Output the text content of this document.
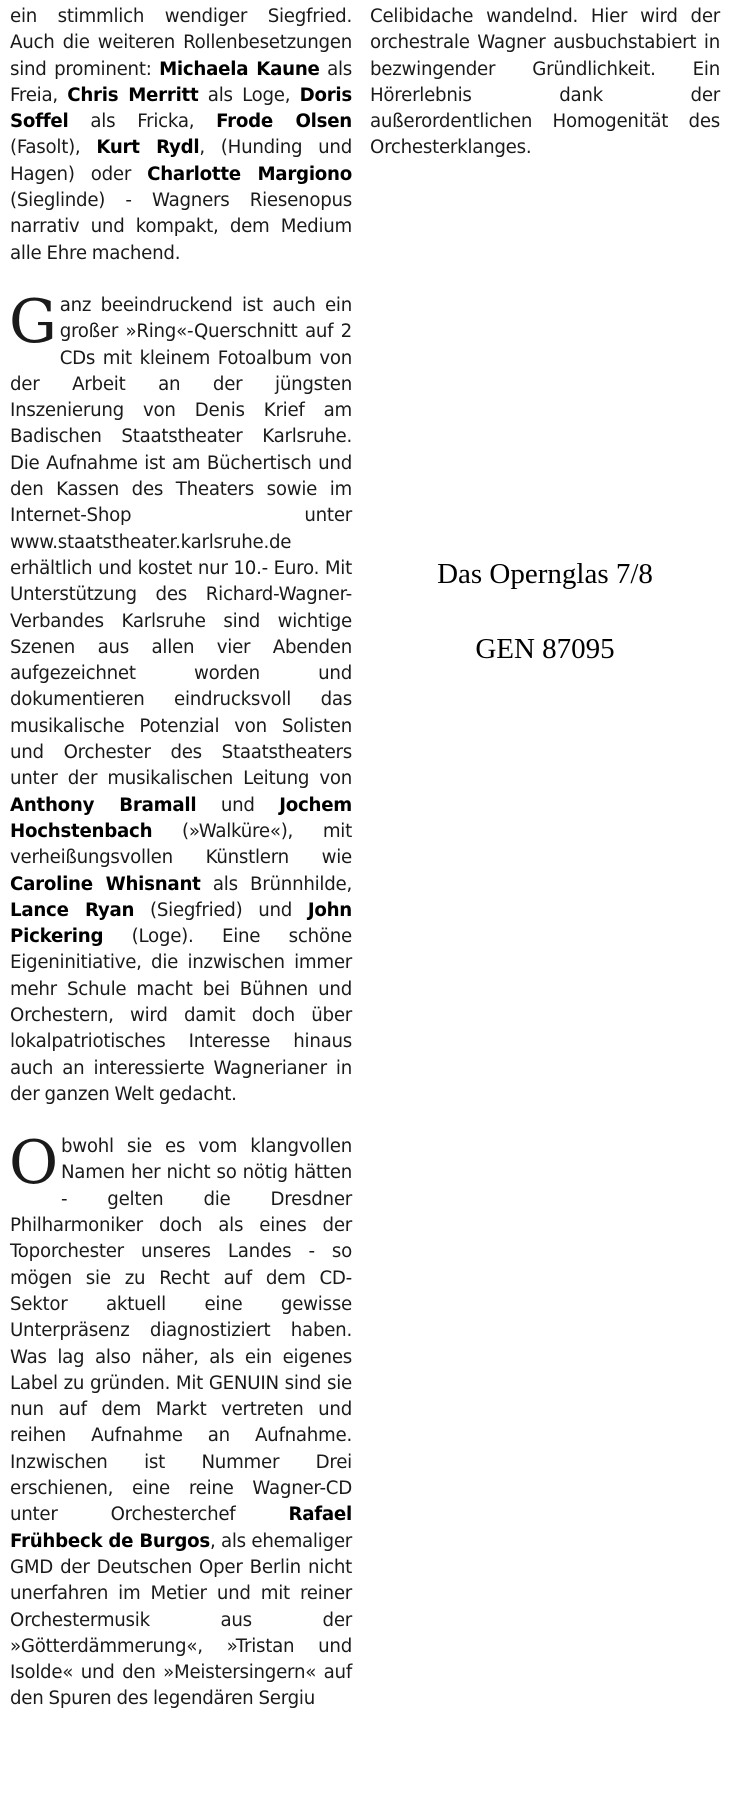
ein stimmlich wendiger Siegfried. Auch die weiteren Rollenbesetzungen sind prominent: Michaela Kaune als Freia, Chris Merritt als Loge, Doris Soffel als Fricka, Frode Olsen (Fasolt), Kurt Rydl, (Hunding und Hagen) oder Charlotte Margiono (Sieglinde) - Wagners Riesenopus narrativ und kompakt, dem Medium alle Ehre machend.

G anz beeindruckend ist auch ein großer »Ring«-Querschnitt auf 2 CDs mit kleinem Fotoalbum von der Arbeit an der jüngsten Inszenierung von Denis Krief am Badischen Staatstheater Karlsruhe. Die Aufnahme ist am Büchertisch und den Kassen des Theaters sowie im Internet-Shop unter www.staatstheater.karlsruhe.de erhältlich und kostet nur 10.- Euro. Mit Unterstützung des Richard-Wagner-Verbandes Karlsruhe sind wichtige Szenen aus allen vier Abenden aufgezeichnet worden und dokumentieren eindrucksvoll das musikalische Potenzial von Solisten und Orchester des Staatstheaters unter der musikalischen Leitung von Anthony Bramall und Jochem Hochstenbach (»Walküre«), mit verheißungsvollen Künstlern wie Caroline Whisnant als Brünnhilde, Lance Ryan (Siegfried) und John Pickering (Loge). Eine schöne Eigeninitiative, die inzwischen immer mehr Schule macht bei Bühnen und Orchestern, wird damit doch über lokalpatriotisches Interesse hinaus auch an interessierte Wagnerianer in der ganzen Welt gedacht.

O bwohl sie es vom klangvollen Namen her nicht so nötig hätten - gelten die Dresdner Philharmoniker doch als eines der Toporchester unseres Landes - so mögen sie zu Recht auf dem CD-Sektor aktuell eine gewisse Unterpräsenz diagnostiziert haben. Was lag also näher, als ein eigenes Label zu gründen. Mit GENUIN sind sie nun auf dem Markt vertreten und reihen Aufnahme an Aufnahme. Inzwischen ist Nummer Drei erschienen, eine reine Wagner-CD unter Orchesterchef Rafael Frühbeck de Burgos, als ehemaliger GMD der Deutschen Oper Berlin nicht unerfahren im Metier und mit reiner Orchestermusik aus der »Götterdämmerung«, »Tristan und Isolde« und den »Meistersingern« auf den Spuren des legendären Sergiu

Celibidache wandelnd. Hier wird der orchestrale Wagner ausbuchstabiert in bezwingender Gründlichkeit. Ein Hörerlebnis dank der außerordentlichen Homogenität des Orchesterklanges.

Das Opernglas 7/8
GEN 87095
